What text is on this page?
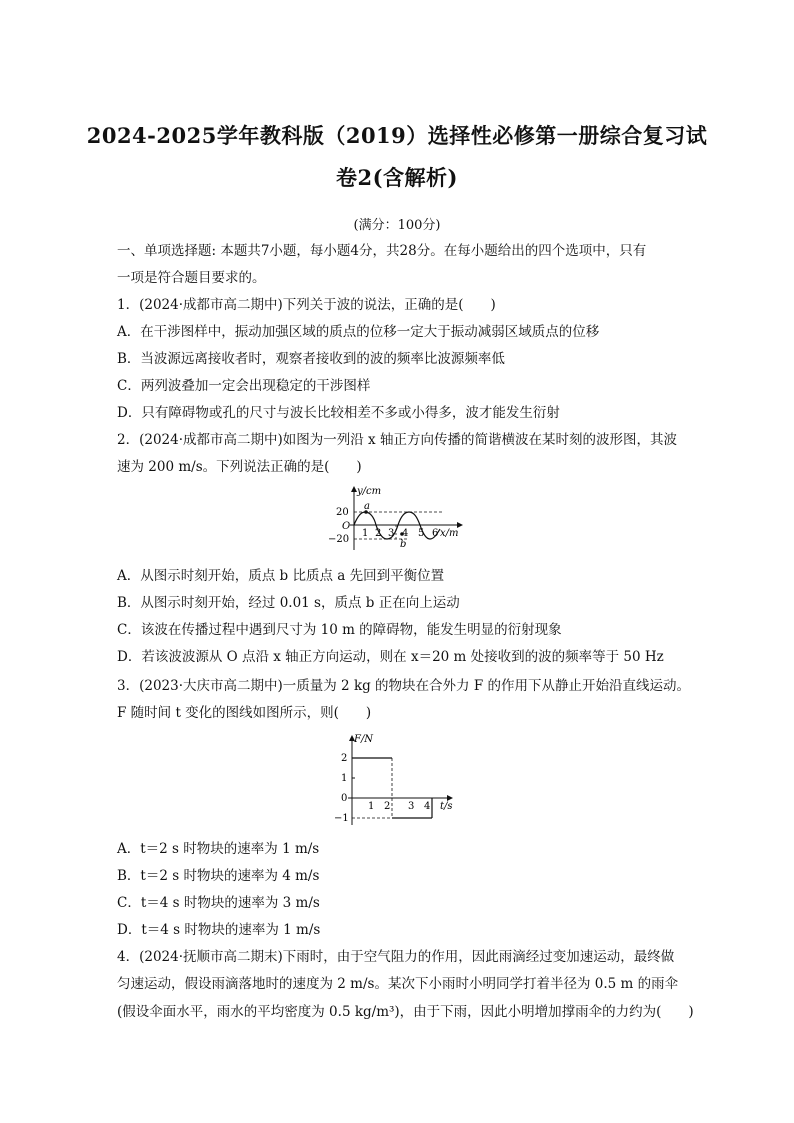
2024-2025学年教科版（2019）选择性必修第一册综合复习试
卷2(含解析)
(满分：100分)
一、单项选择题: 本题共7小题，每小题4分，共28分。在每小题给出的四个选项中，只有
一项是符合题目要求的。
1．(2024·成都市高二期中)下列关于波的说法，正确的是(　　)
A．在干涉图样中，振动加强区域的质点的位移一定大于振动减弱区域质点的位移
B．当波源远离接收者时，观察者接收到的波的频率比波源频率低
C．两列波叠加一定会出现稳定的干涉图样
D．只有障碍物或孔的尺寸与波长比较相差不多或小得多，波才能发生衍射
2．(2024·成都市高二期中)如图为一列沿 x 轴正方向传播的简谐横波在某时刻的波形图，其波
速为 200 m/s。下列说法正确的是(　　)
y/cm
20
O
−20
a
b
1 2 3 4 5 6 x/m
A．从图示时刻开始，质点 b 比质点 a 先回到平衡位置
B．从图示时刻开始，经过 0.01 s，质点 b 正在向上运动
C．该波在传播过程中遇到尺寸为 10 m 的障碍物，能发生明显的衍射现象
D．若该波波源从 O 点沿 x 轴正方向运动，则在 x＝20 m 处接收到的波的频率等于 50 Hz
3．(2023·大庆市高二期中)一质量为 2 kg 的物块在合外力 F 的作用下从静止开始沿直线运动。
F 随时间 t 变化的图线如图所示，则(　　)
F/N
2
1
0
−1
1 2 3 4 t/s
A．t＝2 s 时物块的速率为 1 m/s
B．t＝2 s 时物块的速率为 4 m/s
C．t＝4 s 时物块的速率为 3 m/s
D．t＝4 s 时物块的速率为 1 m/s
4．(2024·抚顺市高二期末)下雨时，由于空气阻力的作用，因此雨滴经过变加速运动，最终做
匀速运动，假设雨滴落地时的速度为 2 m/s。某次下小雨时小明同学打着半径为 0.5 m 的雨伞
(假设伞面水平，雨水的平均密度为 0.5 kg/m³)，由于下雨，因此小明增加撑雨伞的力约为(　　)
